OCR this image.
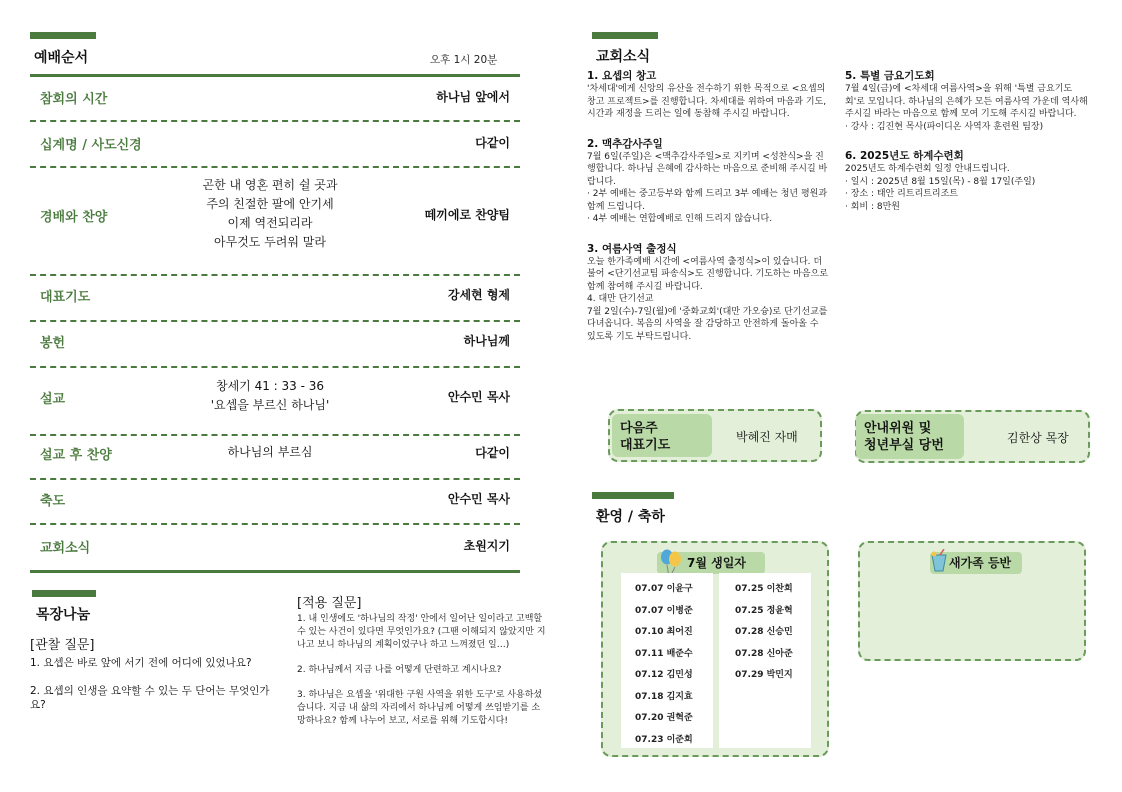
예배순서	오후 1시 20분
참회의 시간	하나님 앞에서
십계명 / 사도신경	다같이
경배와 찬양	떼끼에로 찬양팀
곤한 내 영혼 편히 쉴 곳과
주의 친절한 팔에 안기세
이제 역전되리라
아무것도 두려워 말라
대표기도	강세현 형제
봉헌	하나님께
설교	안수민 목사
창세기 41 : 33 - 36
'요셉을 부르신 하나님'
설교 후 찬양	다같이
하나님의 부르심
축도	안수민 목사
교회소식	초원지기
목장나눔
[관찰 질문]
1. 요셉은 바로 앞에 서기 전에 어디에 있었나요?
2. 요셉의 인생을 요약할 수 있는 두 단어는 무엇인가요?
[적용 질문]
1. 내 인생에도 '하나님의 작정' 안에서 일어난 일이라고 고백할 수 있는 사건이 있다면 무엇인가요? (그땐 이해되지 않았지만 지나고 보니 하나님의 계획이었구나 하고 느껴졌던 일…)
2. 하나님께서 지금 나를 어떻게 단련하고 계시나요?
3. 하나님은 요셉을 '위대한 구원 사역을 위한 도구'로 사용하셨습니다. 지금 내 삶의 자리에서 하나님께 어떻게 쓰임받기를 소망하나요? 함께 나누어 보고, 서로를 위해 기도합시다!
교회소식
1. 요셉의 창고
'차세대'에게 신앙의 유산을 전수하기 위한 목적으로 <요셉의 창고 프로젝트>를 진행합니다. 차세대를 위하여 마음과 기도, 시간과 재정을 드리는 일에 동참해 주시길 바랍니다.
2. 맥추감사주일
7월 6일(주일)은 <맥추감사주일>로 지키며 <성찬식>을 진행합니다. 하나님 은혜에 감사하는 마음으로 준비해 주시길 바랍니다.
· 2부 예배는 중고등부와 함께 드리고 3부 예배는 청년 평원과 함께 드립니다.
· 4부 예배는 연합예배로 인해 드리지 않습니다.
3. 여름사역 출정식
오늘 한가족예배 시간에 <여름사역 출정식>이 있습니다. 더불어 <단기선교팀 파송식>도 진행합니다. 기도하는 마음으로 함께 참여해 주시길 바랍니다.
4. 대만 단기선교
7월 2일(수)-7일(월)에 '중화교회'(대만 가오슝)로 단기선교를 다녀옵니다. 복음의 사역을 잘 감당하고 안전하게 돌아올 수 있도록 기도 부탁드립니다.
5. 특별 금요기도회
7월 4일(금)에 <차세대 여름사역>을 위해 '특별 금요기도회'로 모입니다. 하나님의 은혜가 모든 여름사역 가운데 역사해 주시길 바라는 마음으로 함께 모여 기도해 주시길 바랍니다.
· 강사 : 김진현 목사(파이디온 사역자 훈련원 팀장)
6. 2025년도 하계수련회
2025년도 하계수련회 일정 안내드립니다.
· 일시 : 2025년 8월 15일(목) - 8월 17일(주일)
· 장소 : 태안 리트리트리조트
· 회비 : 8만원
다음주
대표기도
박혜진 자매
안내위원 및
청년부실 당번	김한상 목장
환영 / 축하
7월 생일자
07.07 이윤구
07.07 이병준
07.10 최어진
07.11 배준수
07.12 김민성
07.18 김지효
07.20 권혁준
07.23 이준희
07.25 이찬희
07.25 정윤혁
07.28 신승민
07.28 신아준
07.29 박민지
새가족 등반
